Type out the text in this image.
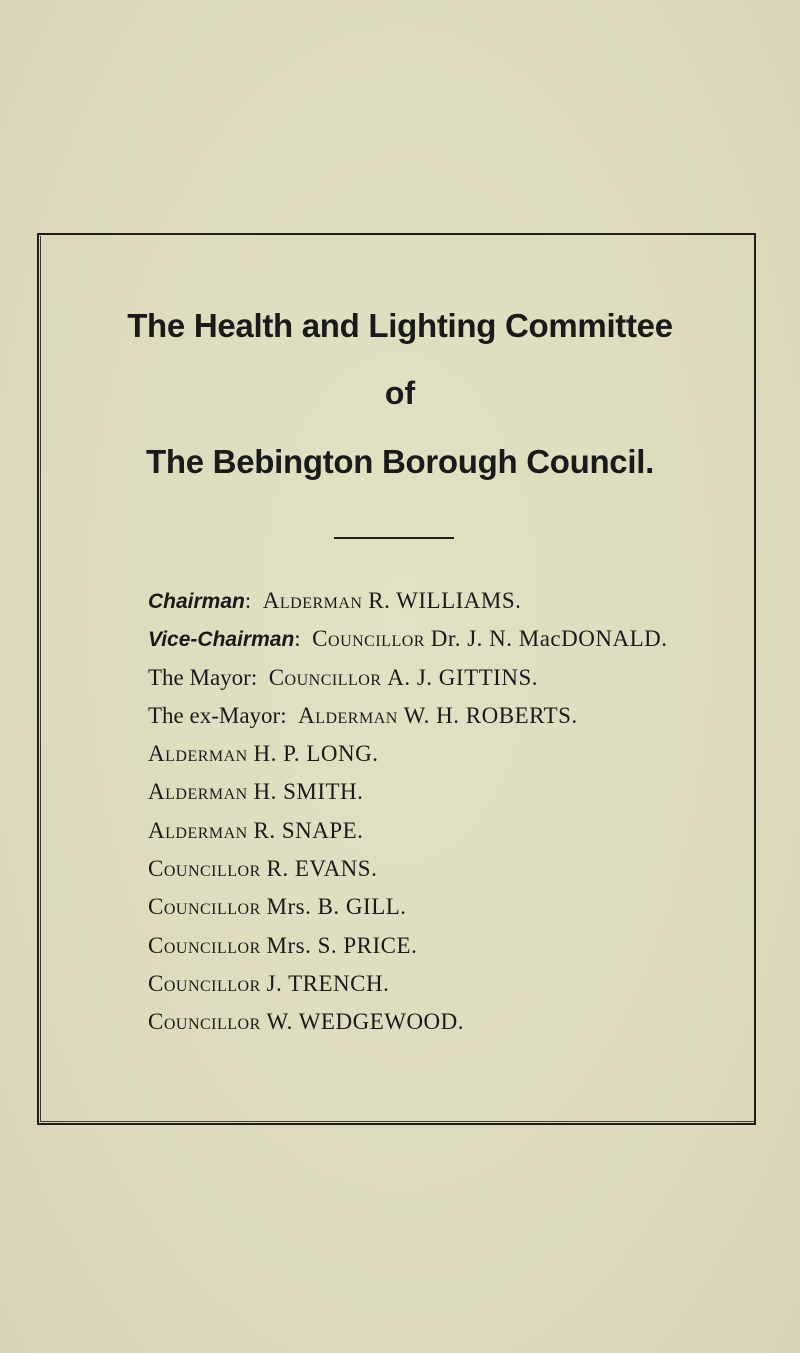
The Health and Lighting Committee
of
The Bebington Borough Council.
Chairman: Alderman R. WILLIAMS.
Vice-Chairman: Councillor Dr. J. N. MacDONALD.
The Mayor: Councillor A. J. GITTINS.
The ex-Mayor: Alderman W. H. ROBERTS.
Alderman H. P. LONG.
Alderman H. SMITH.
Alderman R. SNAPE.
Councillor R. EVANS.
Councillor Mrs. B. GILL.
Councillor Mrs. S. PRICE.
Councillor J. TRENCH.
Councillor W. WEDGEWOOD.
